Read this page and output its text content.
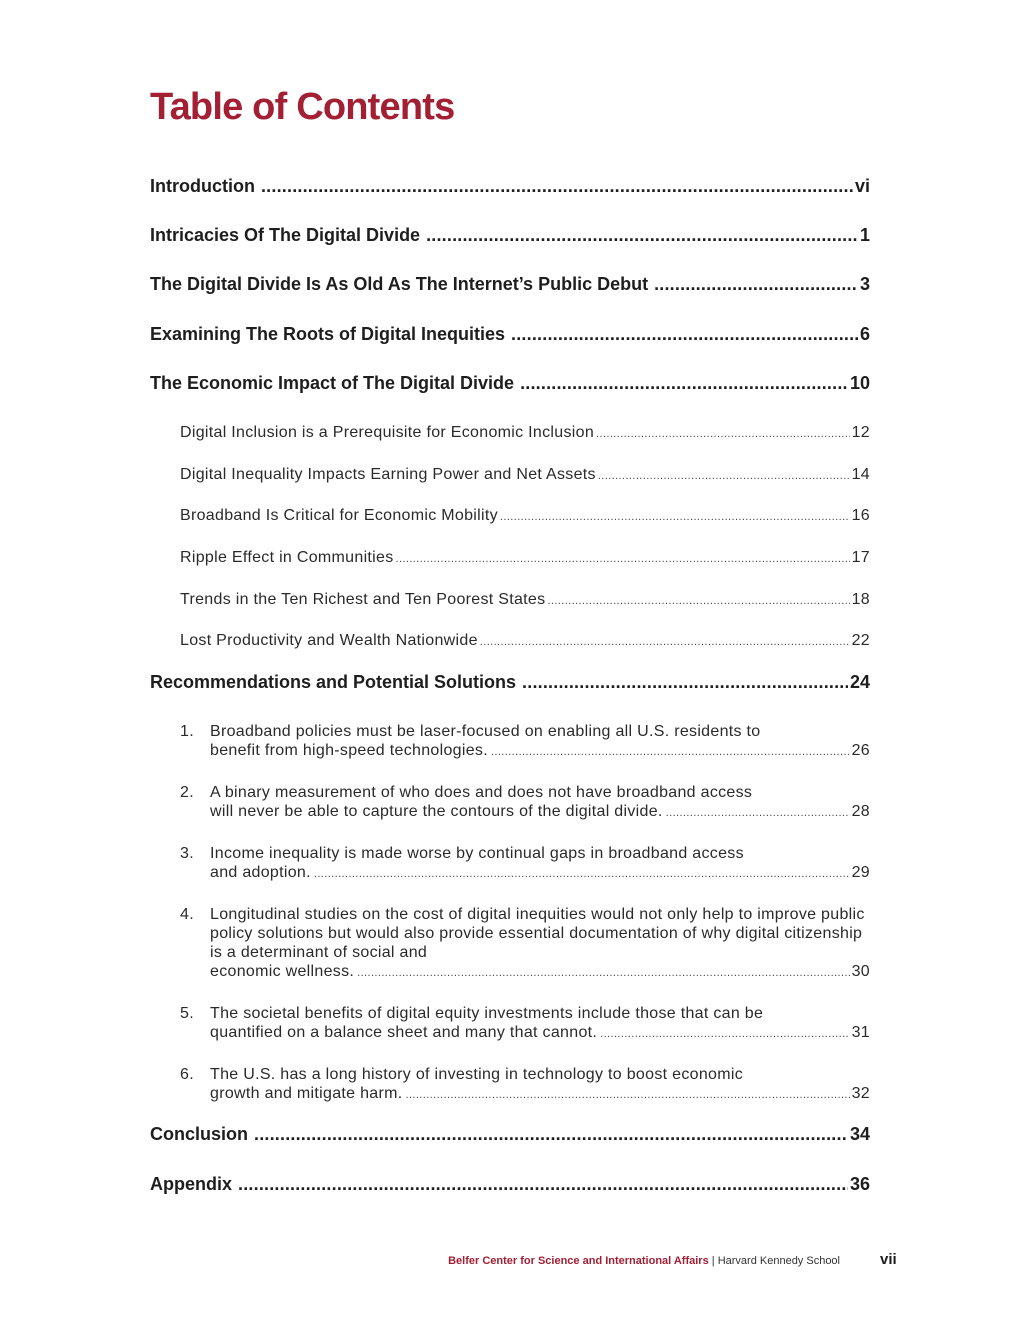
Table of Contents
Introduction .....	vi
Intricacies Of The Digital Divide .....	1
The Digital Divide Is As Old As The Internet’s Public Debut .....	3
Examining The Roots of Digital Inequities .....	6
The Economic Impact of The Digital Divide .....	10
Digital Inclusion is a Prerequisite for Economic Inclusion .....	12
Digital Inequality Impacts Earning Power and Net Assets .....	14
Broadband Is Critical for Economic Mobility .....	16
Ripple Effect in Communities .....	17
Trends in the Ten Richest and Ten Poorest States .....	18
Lost Productivity and Wealth Nationwide .....	22
Recommendations and Potential Solutions .....	24
1. Broadband policies must be laser-focused on enabling all U.S. residents to
benefit from high-speed technologies. .....	26
2. A binary measurement of who does and does not have broadband access
will never be able to capture the contours of the digital divide. .....	28
3. Income inequality is made worse by continual gaps in broadband access
and adoption. .....	29
4. Longitudinal studies on the cost of digital inequities would not only help to improve public policy solutions but would also provide essential documentation of why digital citizenship is a determinant of social and
economic wellness. .....	30
5. The societal benefits of digital equity investments include those that can be
quantified on a balance sheet and many that cannot. .....	31
6. The U.S. has a long history of investing in technology to boost economic
growth and mitigate harm. .....	32
Conclusion .....	34
Appendix .....	36
Belfer Center for Science and International Affairs | Harvard Kennedy School	vii
